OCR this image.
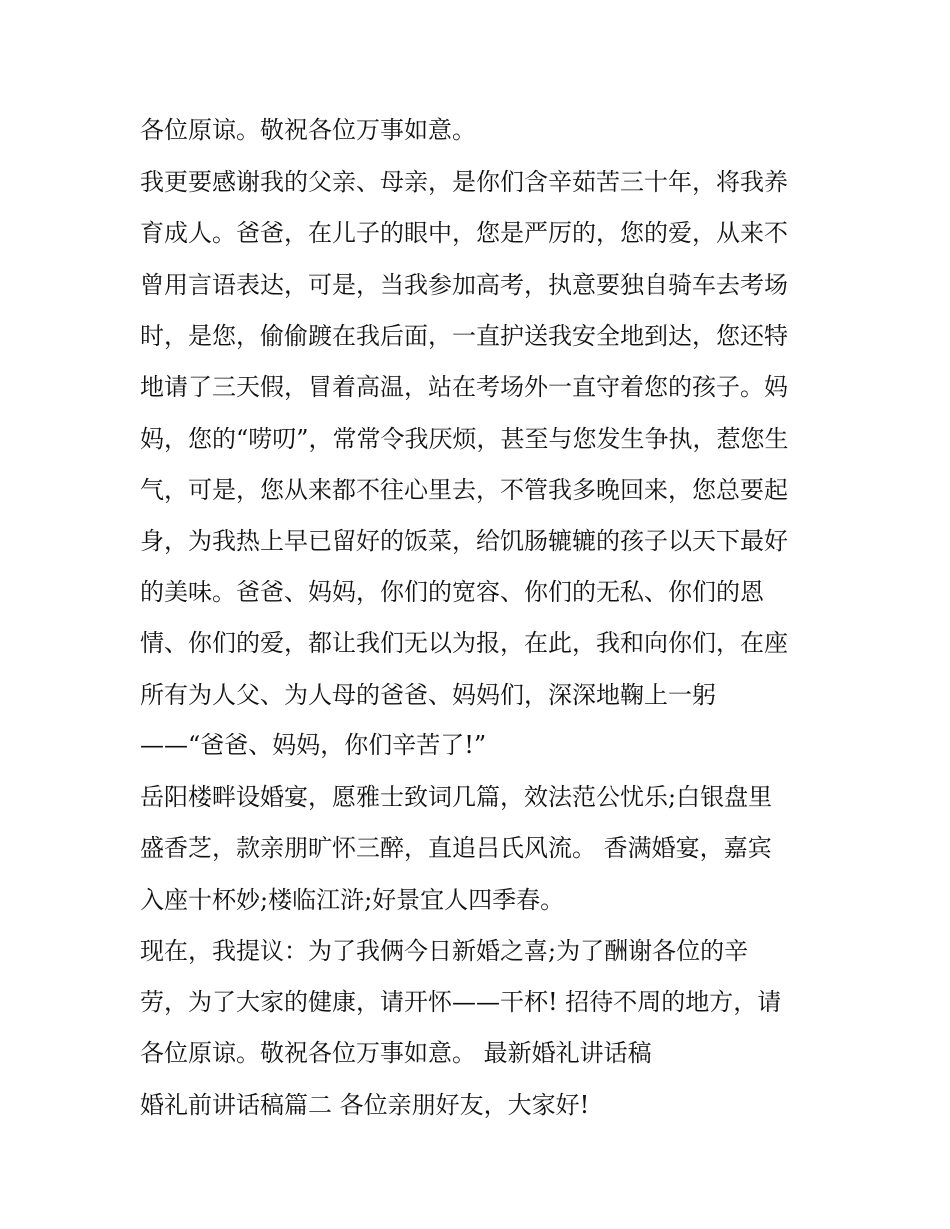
各位原谅。敬祝各位万事如意。
我更要感谢我的父亲、母亲，是你们含辛茹苦三十年，将我养
育成人。爸爸，在儿子的眼中，您是严厉的，您的爱，从来不
曾用言语表达，可是，当我参加高考，执意要独自骑车去考场
时，是您，偷偷踱在我后面，一直护送我安全地到达，您还特
地请了三天假，冒着高温，站在考场外一直守着您的孩子。妈
妈，您的“唠叨”，常常令我厌烦，甚至与您发生争执，惹您生
气，可是，您从来都不往心里去，不管我多晚回来，您总要起
身，为我热上早已留好的饭菜，给饥肠辘辘的孩子以天下最好
的美味。爸爸、妈妈，你们的宽容、你们的无私、你们的恩
情、你们的爱，都让我们无以为报，在此，我和向你们，在座
所有为人父、为人母的爸爸、妈妈们，深深地鞠上一躬
——“爸爸、妈妈，你们辛苦了!”
岳阳楼畔设婚宴，愿雅士致词几篇，效法范公忧乐;白银盘里
盛香芝，款亲朋旷怀三醉，直追吕氏风流。 香满婚宴，嘉宾
入座十杯妙;楼临江浒;好景宜人四季春。
现在，我提议：为了我俩今日新婚之喜;为了酬谢各位的辛
劳，为了大家的健康，请开怀——干杯! 招待不周的地方，请
各位原谅。敬祝各位万事如意。 最新婚礼讲话稿
婚礼前讲话稿篇二 各位亲朋好友，大家好!
